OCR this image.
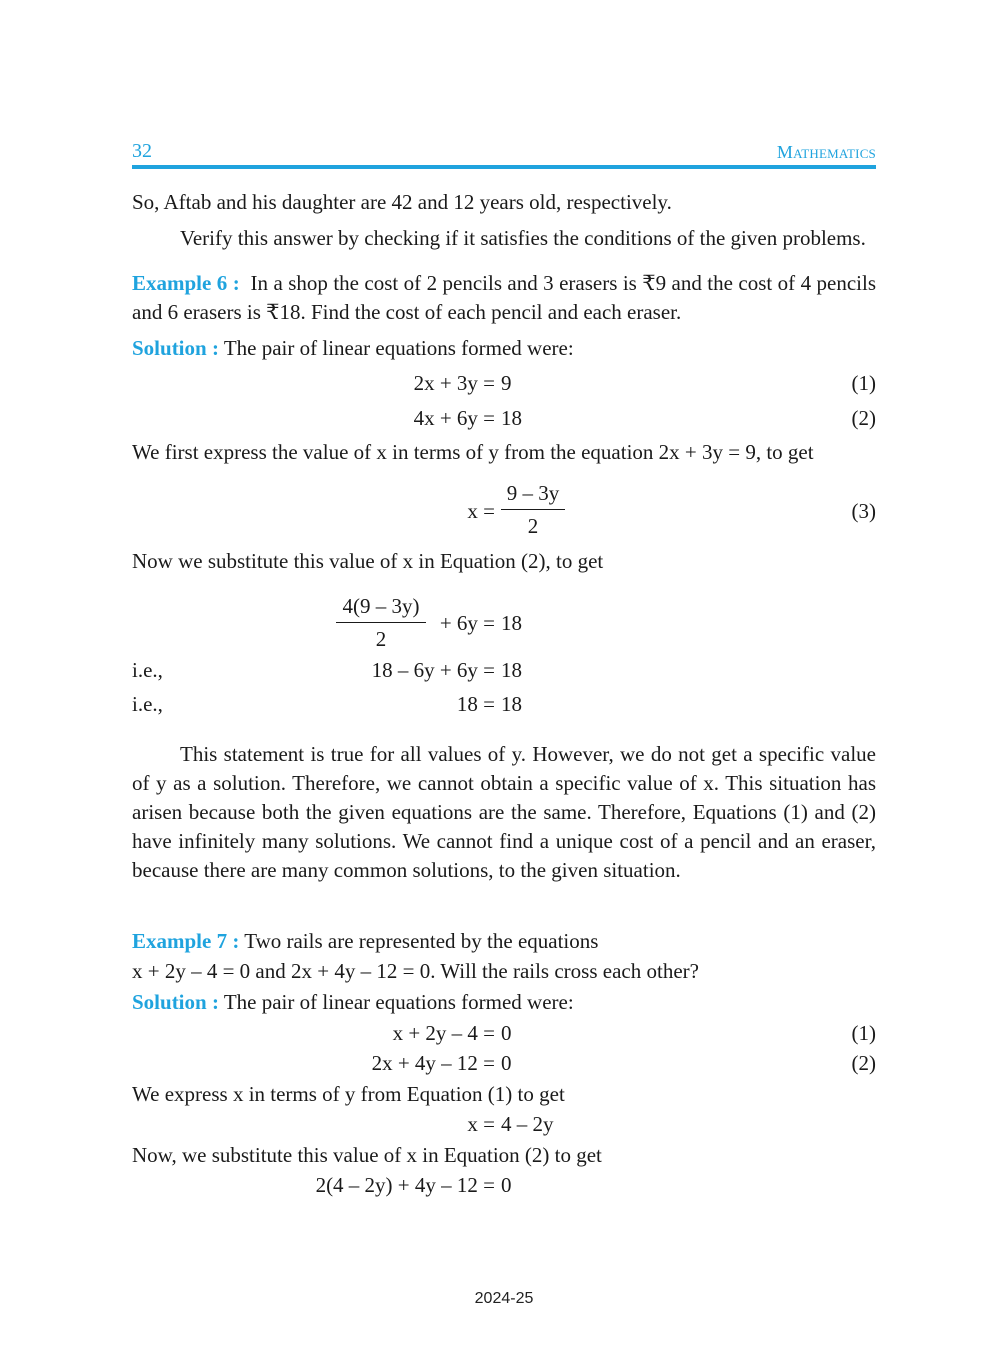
32	Mathematics
So, Aftab and his daughter are 42 and 12 years old, respectively.
Verify this answer by checking if it satisfies the conditions of the given problems.
Example 6 : In a shop the cost of 2 pencils and 3 erasers is ₹9 and the cost of 4 pencils and 6 erasers is ₹18. Find the cost of each pencil and each eraser.
Solution : The pair of linear equations formed were:
2x + 3y = 9	(1)
4x + 6y = 18	(2)
We first express the value of x in terms of y from the equation 2x + 3y = 9, to get
$x = \frac{9 - 3y}{2}$	(3)
Now we substitute this value of x in Equation (2), to get
$\frac{4(9 - 3y)}{2} + 6y = 18$
i.e.,	18 – 6y + 6y = 18
i.e.,	18 = 18
This statement is true for all values of y. However, we do not get a specific value of y as a solution. Therefore, we cannot obtain a specific value of x. This situation has arisen because both the given equations are the same. Therefore, Equations (1) and (2) have infinitely many solutions. We cannot find a unique cost of a pencil and an eraser, because there are many common solutions, to the given situation.
Example 7 : Two rails are represented by the equations
x + 2y – 4 = 0 and 2x + 4y – 12 = 0. Will the rails cross each other?
Solution : The pair of linear equations formed were:
x + 2y – 4 = 0	(1)
2x + 4y – 12 = 0	(2)
We express x in terms of y from Equation (1) to get
x = 4 – 2y
Now, we substitute this value of x in Equation (2) to get
2(4 – 2y) + 4y – 12 = 0
2024-25
